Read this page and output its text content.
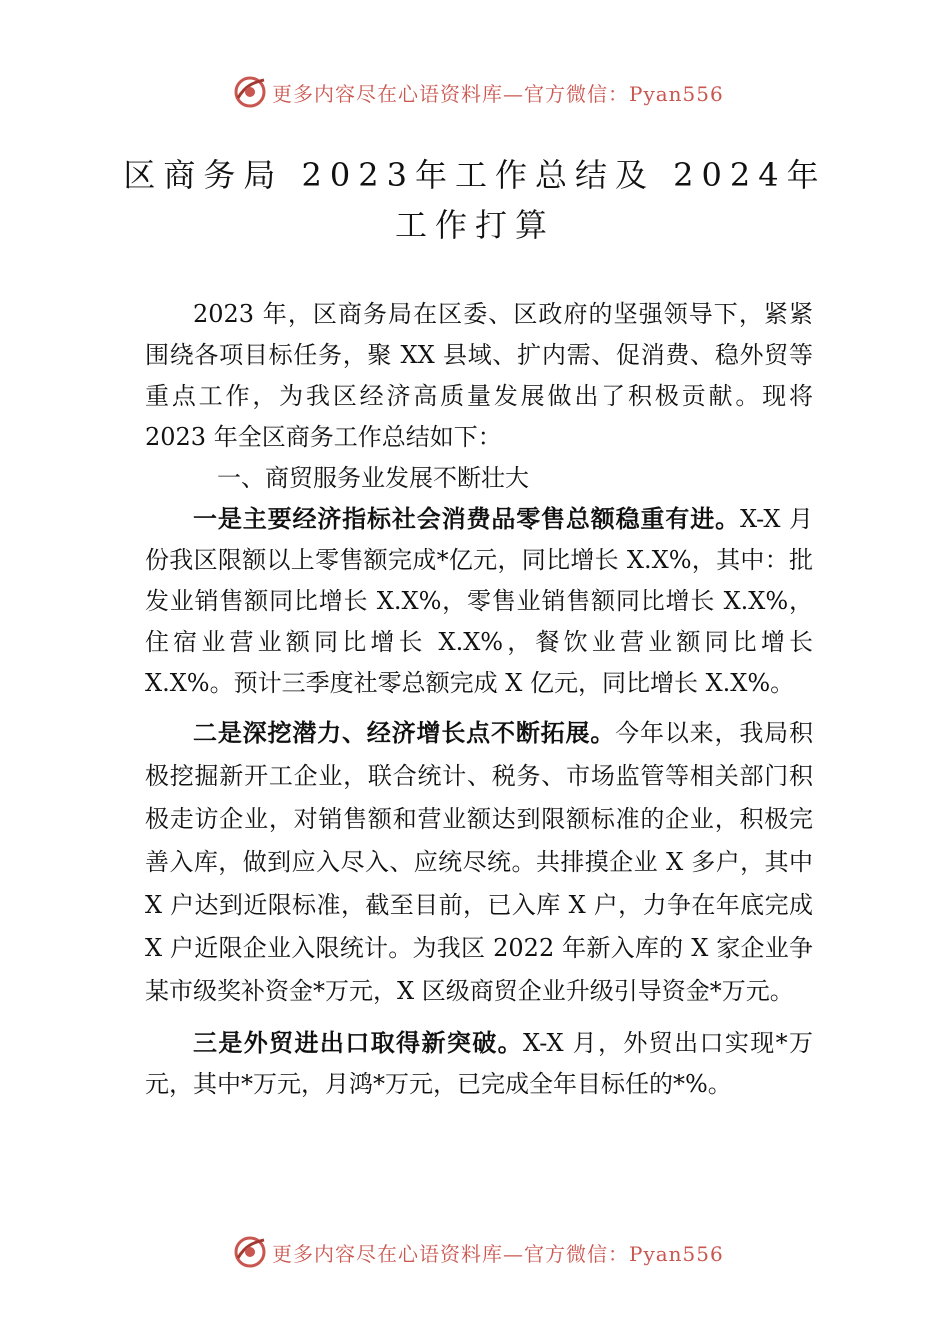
更多内容尽在心语资料库—官方微信：Pyan556
区商务局 2023年工作总结及 2024年
工作打算

2023 年，区商务局在区委、区政府的坚强领导下，紧紧围绕各项目标任务，聚 XX 县域、扩内需、促消费、稳外贸等重点工作，为我区经济高质量发展做出了积极贡献。现将 2023 年全区商务工作总结如下：

一、商贸服务业发展不断壮大

一是主要经济指标社会消费品零售总额稳重有进。X-X 月份我区限额以上零售额完成*亿元，同比增长 X.X%，其中：批发业销售额同比增长 X.X%，零售业销售额同比增长 X.X%，住宿业营业额同比增长 X.X%，餐饮业营业额同比增长 X.X%。预计三季度社零总额完成 X 亿元，同比增长 X.X%。

二是深挖潜力、经济增长点不断拓展。今年以来，我局积极挖掘新开工企业，联合统计、税务、市场监管等相关部门积极走访企业，对销售额和营业额达到限额标准的企业，积极完善入库，做到应入尽入、应统尽统。共排摸企业 X 多户，其中 X 户达到近限标准，截至目前，已入库 X 户，力争在年底完成 X 户近限企业入限统计。为我区 2022 年新入库的 X 家企业争某市级奖补资金*万元，X 区级商贸企业升级引导资金*万元。

三是外贸进出口取得新突破。X-X 月，外贸出口实现*万元，其中*万元，月鸿*万元，已完成全年目标任的*%。

更多内容尽在心语资料库—官方微信：Pyan556
